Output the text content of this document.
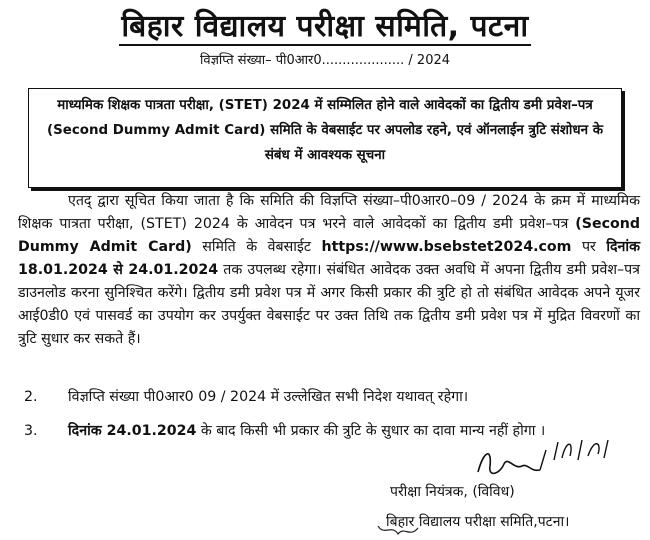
बिहार विद्यालय परीक्षा समिति, पटना
विज्ञप्ति संख्या– पी0आर0.................... / 2024
माध्यमिक शिक्षक पात्रता परीक्षा, (STET) 2024 में सम्मिलित होने वाले आवेदकों का द्वितीय डमी प्रवेश–पत्र
(Second Dummy Admit Card) समिति के वेबसाईट पर अपलोड रहने, एवं ऑनलाईन त्रुटि संशोधन के
संबंध में आवश्यक सूचना
एतद् द्वारा सूचित किया जाता है कि समिति की विज्ञप्ति संख्या–पी0आर0–09 / 2024 के क्रम में माध्यमिक शिक्षक पात्रता परीक्षा, (STET) 2024 के आवेदन पत्र भरने वाले आवेदकों का द्वितीय डमी प्रवेश–पत्र (Second Dummy Admit Card) समिति के वेबसाईट https://www.bsebstet2024.com पर दिनांक 18.01.2024 से 24.01.2024 तक उपलब्ध रहेगा। संबंधित आवेदक उक्त अवधि में अपना द्वितीय डमी प्रवेश–पत्र डाउनलोड करना सुनिश्चित करेंगे। द्वितीय डमी प्रवेश पत्र में अगर किसी प्रकार की त्रुटि हो तो संबंधित आवेदक अपने यूजर आई0डी0 एवं पासवर्ड का उपयोग कर उपर्युक्त वेबसाईट पर उक्त तिथि तक द्वितीय डमी प्रवेश पत्र में मुद्रित विवरणों का त्रुटि सुधार कर सकते हैं।
2. विज्ञप्ति संख्या पी0आर0 09 / 2024 में उल्लेखित सभी निदेश यथावत् रहेगा।
3. दिनांक 24.01.2024 के बाद किसी भी प्रकार की त्रुटि के सुधार का दावा मान्य नहीं होगा ।
परीक्षा नियंत्रक, (विविध)
बिहार विद्यालय परीक्षा समिति,पटना।
